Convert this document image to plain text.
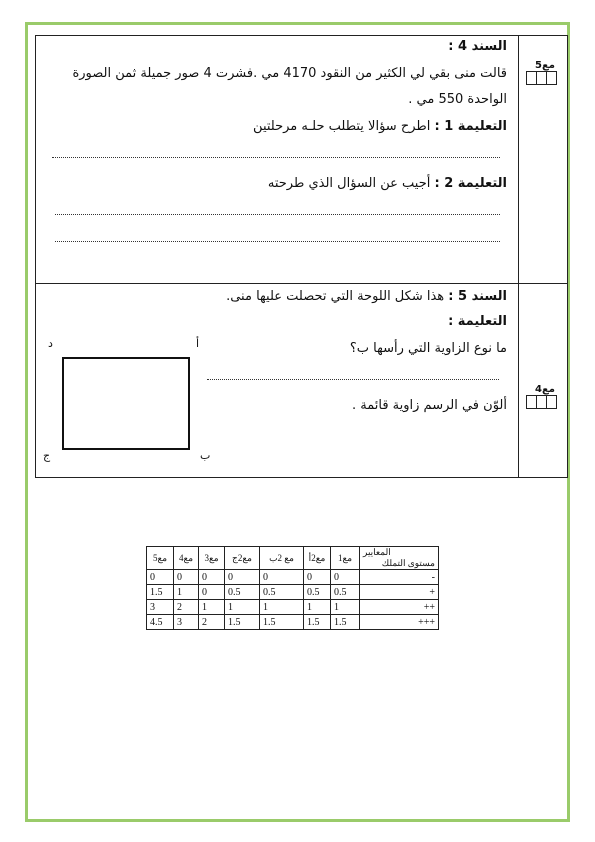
السند 4 :
قالت منى بقي لي الكثير من النقود 4170 مي .فشرت 4 صور جميلة ثمن الصورة
الواحدة 550 مي .
التعليمة 1 : اطرح سؤالا يتطلب حلـه مرحلتين
التعليمة 2 : أجيب عن السؤال الذي طرحته
مع5
السند 5 : هذا شكل اللوحة التي تحصلت عليها منى.
التعليمة :
ما نوع الزاوية التي رأسها ب؟
ألوّن في الرسم زاوية قائمة .
د	أ
ج	ب
مع4
المعايير
مستوى التملك	مع1	مع2أ	مع 2ب	مع2ج	مع3	مع4	مع5
-	0	0	0	0	0	0	0
+	0.5	0.5	0.5	0.5	0	1	1.5
++	1	1	1	1	1	2	3
+++	1.5	1.5	1.5	1.5	2	3	4.5
